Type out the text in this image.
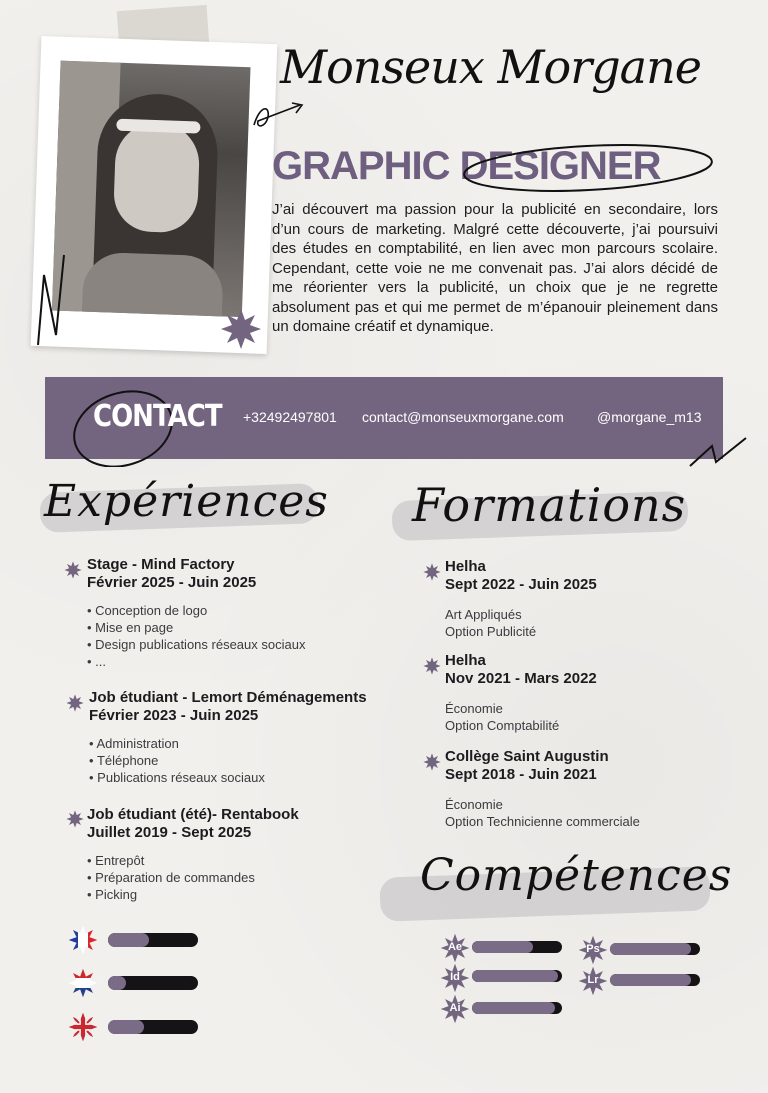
Monseux Morgane
GRAPHIC DESIGNER
J’ai découvert ma passion pour la publicité en secondaire, lors d’un cours de marketing. Malgré cette découverte, j’ai poursuivi des études en comptabilité, en lien avec mon parcours scolaire. Cependant, cette voie ne me convenait pas. J’ai alors décidé de me réorienter vers la publicité, un choix que je ne regrette absolument pas et qui me permet de m’épanouir pleinement dans un domaine créatif et dynamique.
CONTACT +32492497801 contact@monseuxmorgane.com @morgane_m13
Expériences Formations
Stage - Mind Factory
Février 2025 - Juin 2025
• Conception de logo
• Mise en page
• Design publications réseaux sociaux
• ...
Job étudiant - Lemort Déménagements
Février 2023 - Juin 2025
• Administration
• Téléphone
• Publications réseaux sociaux
Job étudiant (été)- Rentabook
Juillet 2019 - Sept 2025
• Entrepôt
• Préparation de commandes
• Picking
Helha
Sept 2022 - Juin 2025
Art Appliqués
Option Publicité
Helha
Nov 2021 - Mars 2022
Économie
Option Comptabilité
Collège Saint Augustin
Sept 2018 - Juin 2021
Économie
Option Technicienne commerciale
Compétences
Ae
Id
Ai
Ps
Lr
